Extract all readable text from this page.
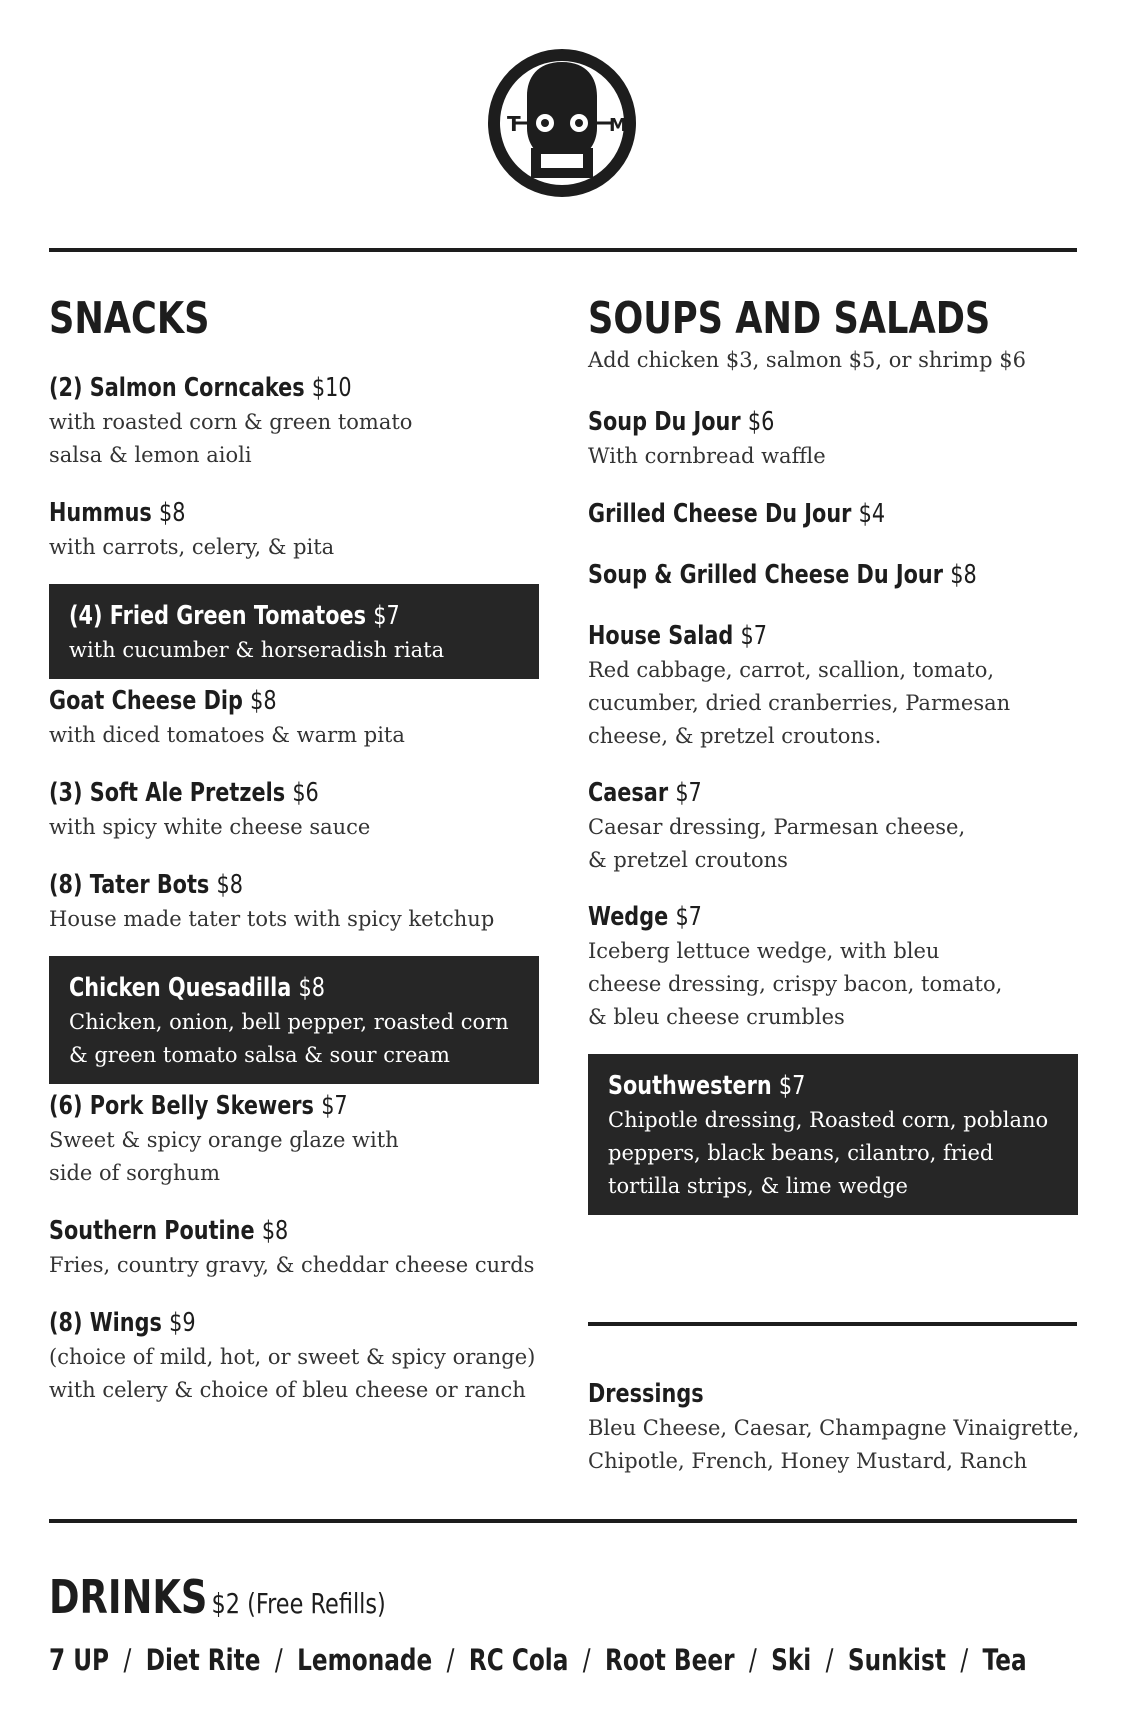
T	M
SNACKS
(2) Salmon Corncakes $10
with roasted corn & green tomato
salsa & lemon aioli
Hummus $8
with carrots, celery, & pita
(4) Fried Green Tomatoes $7
with cucumber & horseradish riata
Goat Cheese Dip $8
with diced tomatoes & warm pita
(3) Soft Ale Pretzels $6
with spicy white cheese sauce
(8) Tater Bots $8
House made tater tots with spicy ketchup
Chicken Quesadilla $8
Chicken, onion, bell pepper, roasted corn
& green tomato salsa & sour cream
(6) Pork Belly Skewers $7
Sweet & spicy orange glaze with
side of sorghum
Southern Poutine $8
Fries, country gravy, & cheddar cheese curds
(8) Wings $9
(choice of mild, hot, or sweet & spicy orange)
with celery & choice of bleu cheese or ranch
SOUPS AND SALADS
Add chicken $3, salmon $5, or shrimp $6
Soup Du Jour $6
With cornbread waffle
Grilled Cheese Du Jour $4
Soup & Grilled Cheese Du Jour $8
House Salad $7
Red cabbage, carrot, scallion, tomato,
cucumber, dried cranberries, Parmesan
cheese, & pretzel croutons.
Caesar $7
Caesar dressing, Parmesan cheese,
& pretzel croutons
Wedge $7
Iceberg lettuce wedge, with bleu
cheese dressing, crispy bacon, tomato,
& bleu cheese crumbles
Southwestern $7
Chipotle dressing, Roasted corn, poblano
peppers, black beans, cilantro, fried
tortilla strips, & lime wedge
Dressings
Bleu Cheese, Caesar, Champagne Vinaigrette,
Chipotle, French, Honey Mustard, Ranch
DRINKS $2 (Free Refills)
7 UP / Diet Rite / Lemonade / RC Cola / Root Beer / Ski / Sunkist / Tea
